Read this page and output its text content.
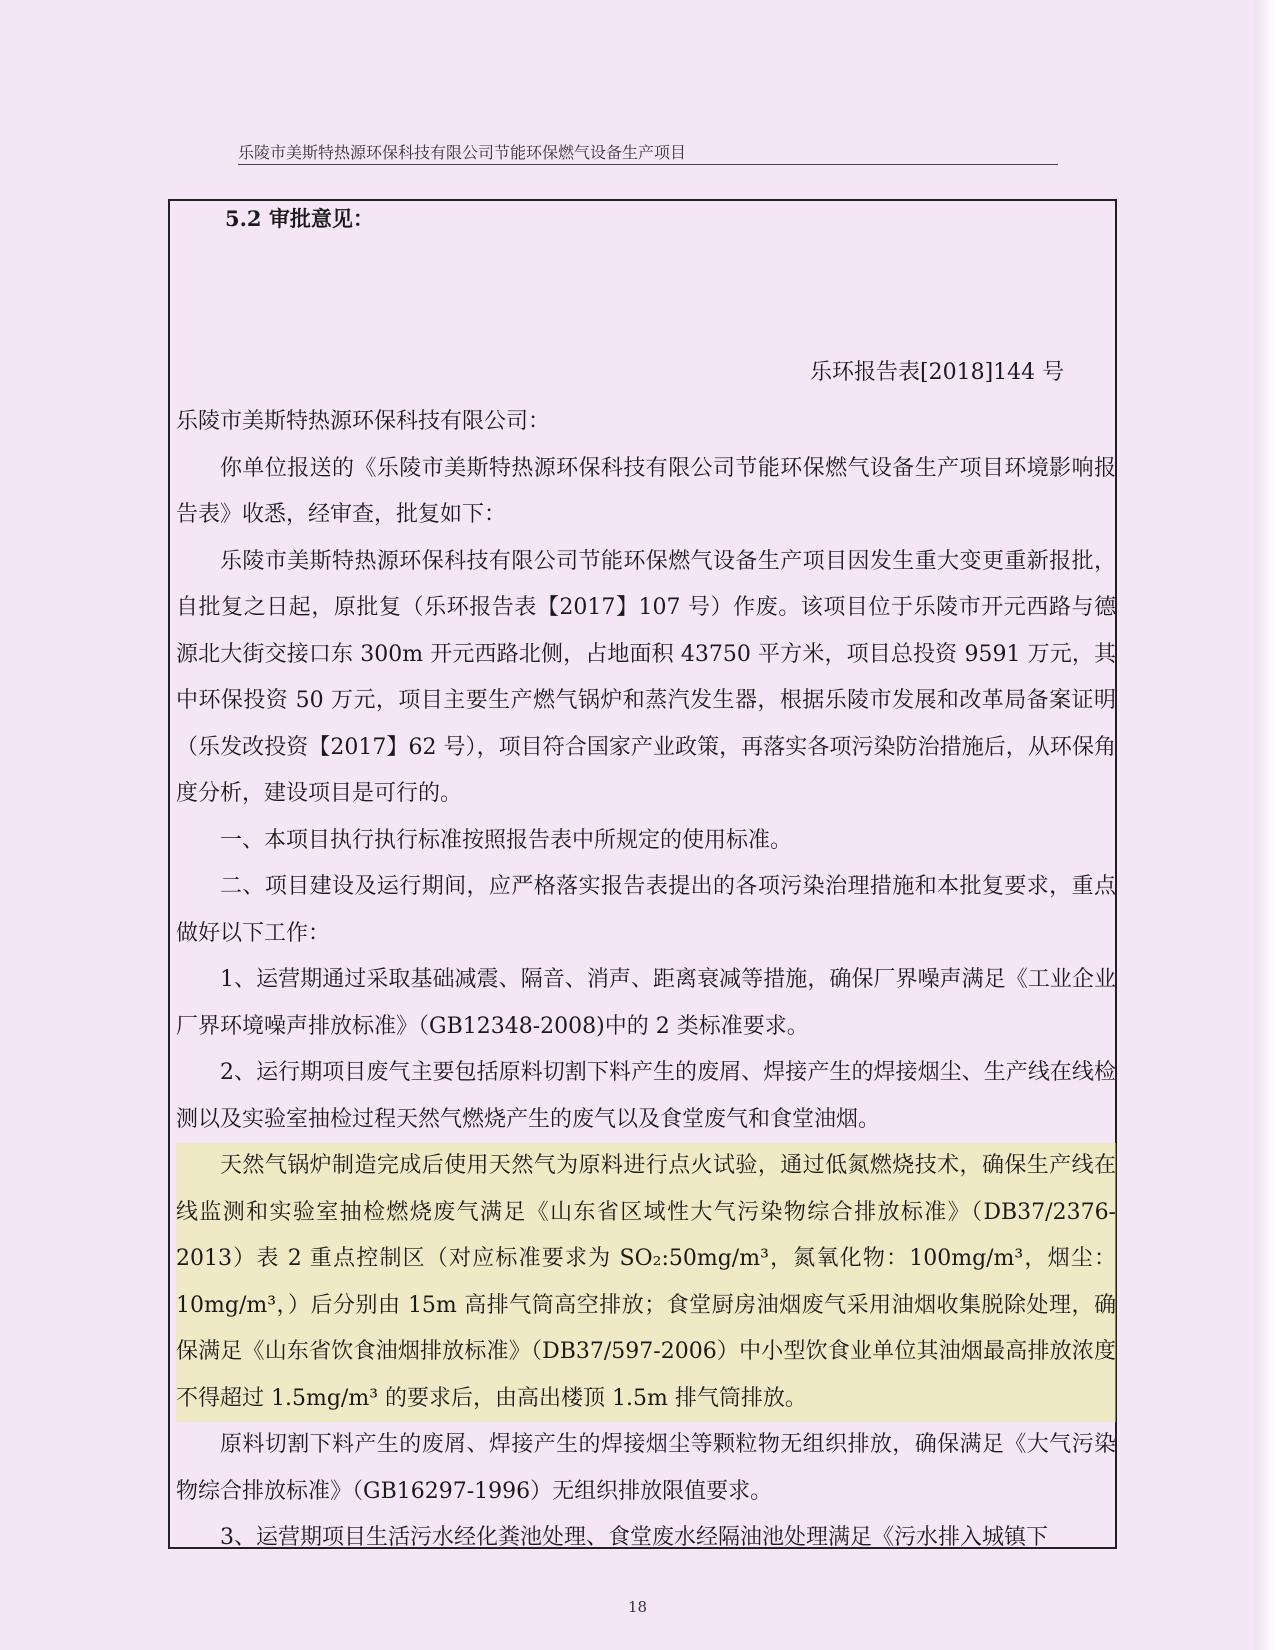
乐陵市美斯特热源环保科技有限公司节能环保燃气设备生产项目
5.2 审批意见：
乐环报告表[2018]144 号

乐陵市美斯特热源环保科技有限公司：

你单位报送的《乐陵市美斯特热源环保科技有限公司节能环保燃气设备生产项目环境影响报告表》收悉，经审查，批复如下：

乐陵市美斯特热源环保科技有限公司节能环保燃气设备生产项目因发生重大变更重新报批，自批复之日起，原批复（乐环报告表【2017】107 号）作废。该项目位于乐陵市开元西路与德源北大街交接口东 300m 开元西路北侧，占地面积 43750 平方米，项目总投资 9591 万元，其中环保投资 50 万元，项目主要生产燃气锅炉和蒸汽发生器，根据乐陵市发展和改革局备案证明（乐发改投资【2017】62 号），项目符合国家产业政策，再落实各项污染防治措施后，从环保角度分析，建设项目是可行的。

一、本项目执行执行标准按照报告表中所规定的使用标准。

二、项目建设及运行期间，应严格落实报告表提出的各项污染治理措施和本批复要求，重点做好以下工作：

1、运营期通过采取基础减震、隔音、消声、距离衰减等措施，确保厂界噪声满足《工业企业厂界环境噪声排放标准》（GB12348-2008)中的 2 类标准要求。

2、运行期项目废气主要包括原料切割下料产生的废屑、焊接产生的焊接烟尘、生产线在线检测以及实验室抽检过程天然气燃烧产生的废气以及食堂废气和食堂油烟。

天然气锅炉制造完成后使用天然气为原料进行点火试验，通过低氮燃烧技术，确保生产线在线监测和实验室抽检燃烧废气满足《山东省区域性大气污染物综合排放标准》（DB37/2376-2013）表 2 重点控制区（对应标准要求为 SO₂:50mg/m³，氮氧化物：100mg/m³，烟尘：10mg/m³，）后分别由 15m 高排气筒高空排放；食堂厨房油烟废气采用油烟收集脱除处理，确保满足《山东省饮食油烟排放标准》（DB37/597-2006）中小型饮食业单位其油烟最高排放浓度不得超过 1.5mg/m³ 的要求后，由高出楼顶 1.5m 排气筒排放。

原料切割下料产生的废屑、焊接产生的焊接烟尘等颗粒物无组织排放，确保满足《大气污染物综合排放标准》（GB16297-1996）无组织排放限值要求。

3、运营期项目生活污水经化粪池处理、食堂废水经隔油池处理满足《污水排入城镇下

18
